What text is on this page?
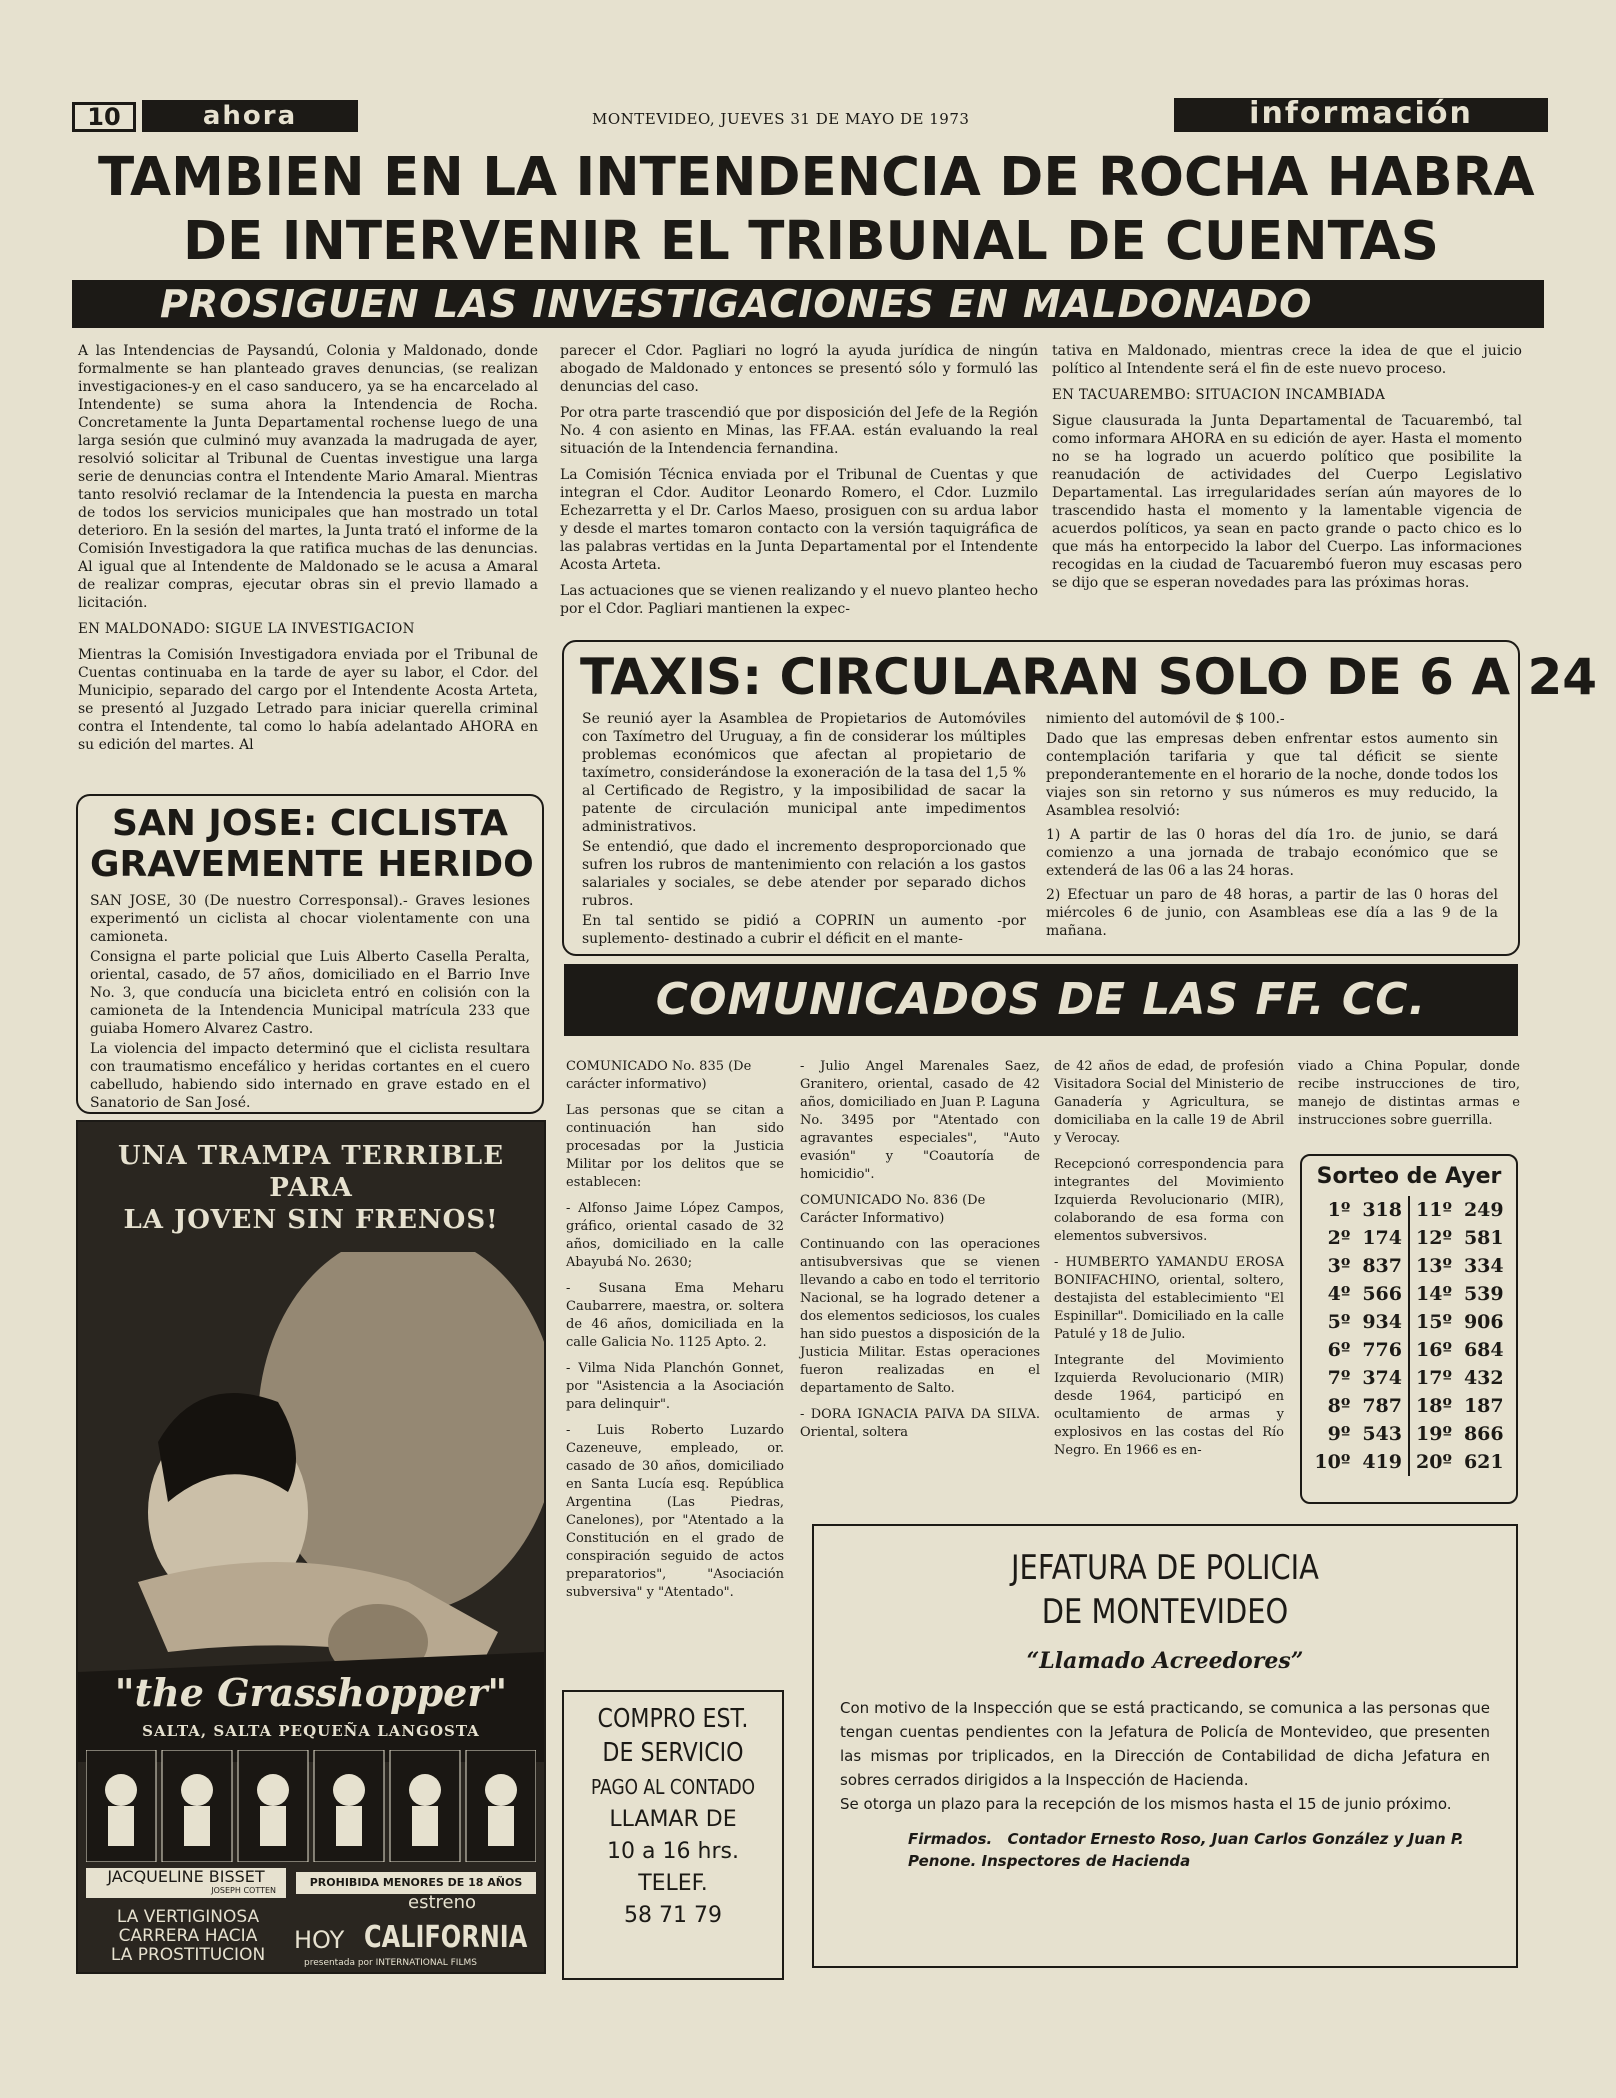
10	ahora	MONTEVIDEO, JUEVES 31 DE MAYO DE 1973	información
TAMBIEN EN LA INTENDENCIA DE ROCHA HABRA
DE INTERVENIR EL TRIBUNAL DE CUENTAS
PROSIGUEN LAS INVESTIGACIONES EN MALDONADO

A las Intendencias de Paysandú, Colonia y Maldonado, donde formalmente se han planteado graves denuncias, (se realizan investigaciones-y en el caso sanducero, ya se ha encarcelado al Intendente) se suma ahora la Intendencia de Rocha. Concretamente la Junta Departamental rochense luego de una larga sesión que culminó muy avanzada la madrugada de ayer, resolvió solicitar al Tribunal de Cuentas investigue una larga serie de denuncias contra el Intendente Mario Amaral. Mientras tanto resolvió reclamar de la Intendencia la puesta en marcha de todos los servicios municipales que han mostrado un total deterioro. En la sesión del martes, la Junta trató el informe de la Comisión Investigadora la que ratifica muchas de las denuncias. Al igual que al Intendente de Maldonado se le acusa a Amaral de realizar compras, ejecutar obras sin el previo llamado a licitación.

EN MALDONADO: SIGUE LA INVESTIGACION

Mientras la Comisión Investigadora enviada por el Tribunal de Cuentas continuaba en la tarde de ayer su labor, el Cdor. del Municipio, separado del cargo por el Intendente Acosta Arteta, se presentó al Juzgado Letrado para iniciar querella criminal contra el Intendente, tal como lo había adelantado AHORA en su edición del martes. Al

parecer el Cdor. Pagliari no logró la ayuda jurídica de ningún abogado de Maldonado y entonces se presentó sólo y formuló las denuncias del caso.

Por otra parte trascendió que por disposición del Jefe de la Región No. 4 con asiento en Minas, las FF.AA. están evaluando la real situación de la Intendencia fernandina.

La Comisión Técnica enviada por el Tribunal de Cuentas y que integran el Cdor. Auditor Leonardo Romero, el Cdor. Luzmilo Echezarretta y el Dr. Carlos Maeso, prosiguen con su ardua labor y desde el martes tomaron contacto con la versión taquigráfica de las palabras vertidas en la Junta Departamental por el Intendente Acosta Arteta.

Las actuaciones que se vienen realizando y el nuevo planteo hecho por el Cdor. Pagliari mantienen la expec-

tativa en Maldonado, mientras crece la idea de que el juicio político al Intendente será el fin de este nuevo proceso.

EN TACUAREMBO: SITUACION INCAMBIADA

Sigue clausurada la Junta Departamental de Tacuarembó, tal como informara AHORA en su edición de ayer. Hasta el momento no se ha logrado un acuerdo político que posibilite la reanudación de actividades del Cuerpo Legislativo Departamental. Las irregularidades serían aún mayores de lo trascendido hasta el momento y la lamentable vigencia de acuerdos políticos, ya sean en pacto grande o pacto chico es lo que más ha entorpecido la labor del Cuerpo. Las informaciones recogidas en la ciudad de Tacuarembó fueron muy escasas pero se dijo que se esperan novedades para las próximas horas.

SAN JOSE: CICLISTA
GRAVEMENTE HERIDO

SAN JOSE, 30 (De nuestro Corresponsal).- Graves lesiones experimentó un ciclista al chocar violentamente con una camioneta.

Consigna el parte policial que Luis Alberto Casella Peralta, oriental, casado, de 57 años, domiciliado en el Barrio Inve No. 3, que conducía una bicicleta entró en colisión con la camioneta de la Intendencia Municipal matrícula 233 que guiaba Homero Alvarez Castro.

La violencia del impacto determinó que el ciclista resultara con traumatismo encefálico y heridas cortantes en el cuero cabelludo, habiendo sido internado en grave estado en el Sanatorio de San José.

TAXIS: CIRCULARAN SOLO DE 6 A 24

Se reunió ayer la Asamblea de Propietarios de Automóviles con Taxímetro del Uruguay, a fin de considerar los múltiples problemas económicos que afectan al propietario de taxímetro, considerándose la exoneración de la tasa del 1,5 % al Certificado de Registro, y la imposibilidad de sacar la patente de circulación municipal ante impedimentos administrativos.

Se entendió, que dado el incremento desproporcionado que sufren los rubros de mantenimiento con relación a los gastos salariales y sociales, se debe atender por separado dichos rubros.

En tal sentido se pidió a COPRIN un aumento -por suplemento- destinado a cubrir el déficit en el mante-

nimiento del automóvil de $ 100.-

Dado que las empresas deben enfrentar estos aumento sin contemplación tarifaria y que tal déficit se siente preponderantemente en el horario de la noche, donde todos los viajes son sin retorno y sus números es muy reducido, la Asamblea resolvió:

1) A partir de las 0 horas del día 1ro. de junio, se dará comienzo a una jornada de trabajo económico que se extenderá de las 06 a las 24 horas.

2) Efectuar un paro de 48 horas, a partir de las 0 horas del miércoles 6 de junio, con Asambleas ese día a las 9 de la mañana.

COMUNICADOS DE LAS FF. CC.

COMUNICADO No. 835 (De carácter informativo)

Las personas que se citan a continuación han sido procesadas por la Justicia Militar por los delitos que se establecen:

- Alfonso Jaime López Campos, gráfico, oriental casado de 32 años, domiciliado en la calle Abayubá No. 2630;

- Susana Ema Meharu Caubarrere, maestra, or. soltera de 46 años, domiciliada en la calle Galicia No. 1125 Apto. 2.

- Vilma Nida Planchón Gonnet, por "Asistencia a la Asociación para delinquir".

- Luis Roberto Luzardo Cazeneuve, empleado, or. casado de 30 años, domiciliado en Santa Lucía esq. República Argentina (Las Piedras, Canelones), por "Atentado a la Constitución en el grado de conspiración seguido de actos preparatorios", "Asociación subversiva" y "Atentado".

- Julio Angel Marenales Saez, Granitero, oriental, casado de 42 años, domiciliado en Juan P. Laguna No. 3495 por "Atentado con agravantes especiales", "Auto evasión" y "Coautoría de homicidio".

COMUNICADO No. 836 (De Carácter Informativo)

Continuando con las operaciones antisubversivas que se vienen llevando a cabo en todo el territorio Nacional, se ha logrado detener a dos elementos sediciosos, los cuales han sido puestos a disposición de la Justicia Militar. Estas operaciones fueron realizadas en el departamento de Salto.

- DORA IGNACIA PAIVA DA SILVA. Oriental, soltera

de 42 años de edad, de profesión Visitadora Social del Ministerio de Ganadería y Agricultura, se domiciliaba en la calle 19 de Abril y Verocay.

Recepcionó correspondencia para integrantes del Movimiento Izquierda Revolucionario (MIR), colaborando de esa forma con elementos subversivos.

- HUMBERTO YAMANDU EROSA BONIFACHINO, oriental, soltero, destajista del establecimiento "El Espinillar". Domiciliado en la calle Patulé y 18 de Julio.

Integrante del Movimiento Izquierda Revolucionario (MIR) desde 1964, participó en ocultamiento de armas y explosivos en las costas del Río Negro. En 1966 es en-

viado a China Popular, donde recibe instrucciones de tiro, manejo de distintas armas e instrucciones sobre guerrilla.

Sorteo de Ayer
1º	318	11º	249
2º	174	12º	581
3º	837	13º	334
4º	566	14º	539
5º	934	15º	906
6º	776	16º	684
7º	374	17º	432
8º	787	18º	187
9º	543	19º	866
10º	419	20º	621
UNA TRAMPA TERRIBLE
PARA
LA JOVEN SIN FRENOS!
"the Grasshopper"
SALTA, SALTA PEQUEÑA LANGOSTA
JACQUELINE BISSET
JOSEPH COTTEN
PROHIBIDA MENORES DE 18 AÑOS
LA VERTIGINOSA
CARRERA HACIA
LA PROSTITUCION
estreno
HOY CALIFORNIA
presentada por INTERNATIONAL FILMS
COMPRO EST.
DE SERVICIO
PAGO AL CONTADO
LLAMAR DE
10 a 16 hrs.
TELEF.
58 71 79
JEFATURA DE POLICIA
DE MONTEVIDEO
“Llamado Acreedores”

Con motivo de la Inspección que se está practicando, se comunica a las personas que tengan cuentas pendientes con la Jefatura de Policía de Montevideo, que presenten las mismas por triplicados, en la Dirección de Contabilidad de dicha Jefatura en sobres cerrados dirigidos a la Inspección de Hacienda.

Se otorga un plazo para la recepción de los mismos hasta el 15 de junio próximo.

Firmados. Contador Ernesto Roso, Juan Carlos González y Juan P. Penone. Inspectores de Hacienda
